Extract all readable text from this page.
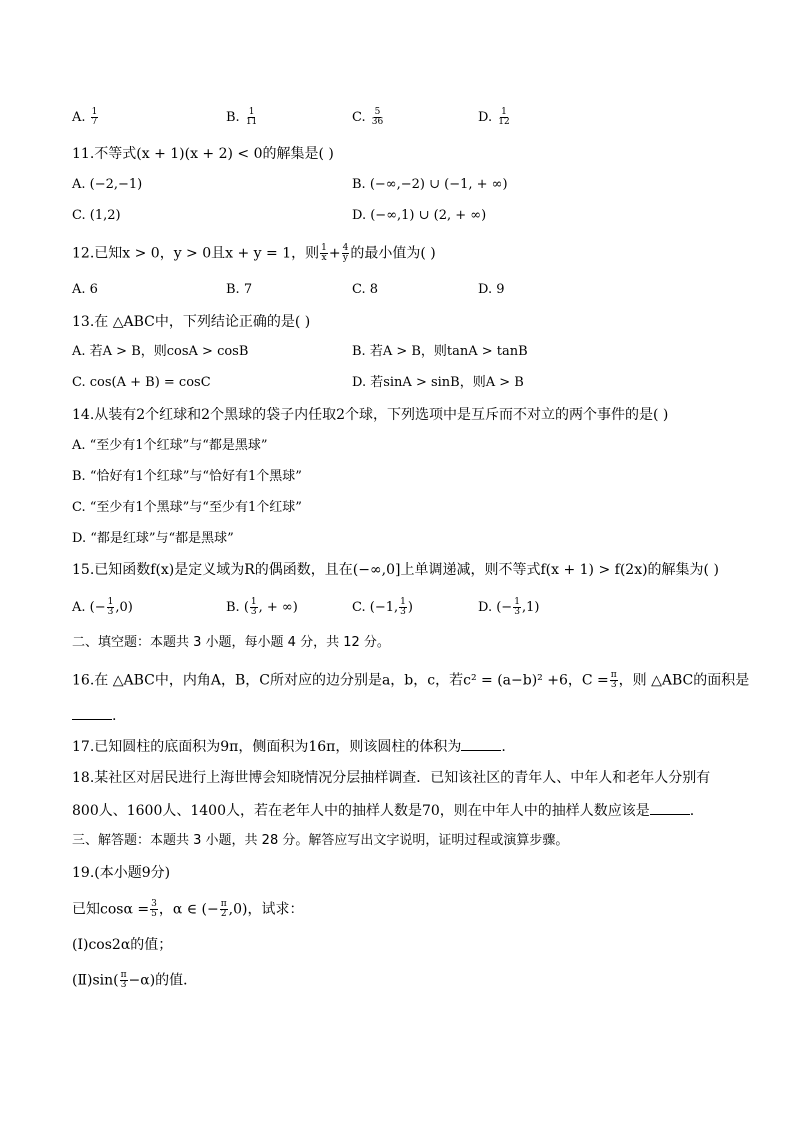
A. $\frac{1}{7}$	B. $\frac{1}{11}$	C. $\frac{5}{36}$	D. $\frac{1}{12}$
11.不等式(x + 1)(x + 2) < 0的解集是( )
A. (−2,−1)	B. (−∞,−2) ∪ (−1, + ∞)
C. (1,2)	D. (−∞,1) ∪ (2, + ∞)
12.已知x > 0，y > 0且x + y = 1，则 $\frac{1}{x} + \frac{4}{y}$ 的最小值为( )
A. 6	B. 7	C. 8	D. 9
13.在 △ABC中，下列结论正确的是( )
A. 若A > B，则cosA > cosB	B. 若A > B，则tanA > tanB
C. cos(A + B) = cosC	D. 若sinA > sinB，则A > B
14.从装有2个红球和2个黑球的袋子内任取2个球，下列选项中是互斥而不对立的两个事件的是( )
A. “至少有1个红球”与“都是黑球”
B. “恰好有1个红球”与“恰好有1个黑球”
C. “至少有1个黑球”与“至少有1个红球”
D. “都是红球”与“都是黑球”
15.已知函数f(x)是定义域为R的偶函数，且在(−∞,0]上单调递减，则不等式f(x + 1) > f(2x)的解集为( )
A. (− $\frac{1}{3} ,0$)	B. ( $\frac{1}{3}$ , + ∞)	C. (−1, $\frac{1}{3}$ )	D. (− $\frac{1}{3} ,1$)
二、填空题：本题共 3 小题，每小题 4 分，共 12 分。
16.在 △ABC中，内角A，B，C所对应的边分别是a，b，c，若c² = (a−b)² +6，$C = \frac{\pi}{3}$ ，则 △ABC的面积是
.
17.已知圆柱的底面积为9π，侧面积为16π，则该圆柱的体积为	.
18.某社区对居民进行上海世博会知晓情况分层抽样调查．已知该社区的青年人、中年人和老年人分别有
800人、1600人、1400人，若在老年人中的抽样人数是70，则在中年人中的抽样人数应该是	.
三、解答题：本题共 3 小题，共 28 分。解答应写出文字说明，证明过程或演算步骤。
19.(本小题9分)
已知$\cos\alpha = \frac{3}{5}$ ，α ∈ (− $\frac{\pi}{2} ,0$)，试求：
(Ⅰ)cos2α的值；
(Ⅱ)sin( $\frac{\pi}{3} -\alpha$)的值．
